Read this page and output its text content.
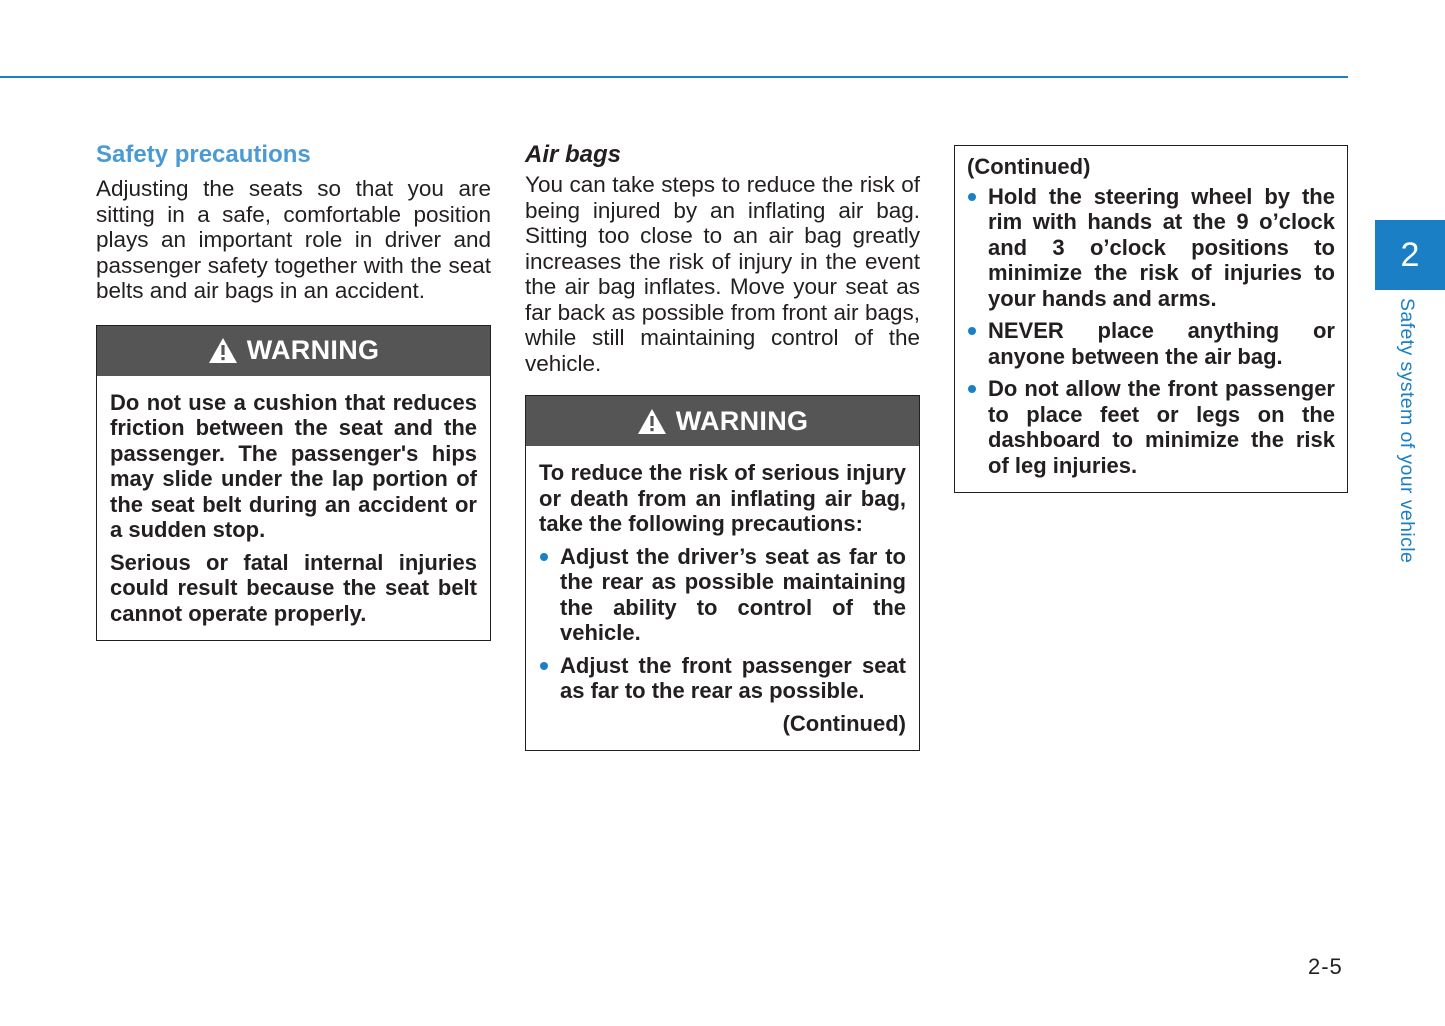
Safety precautions

Adjusting the seats so that you are sitting in a safe, comfortable position plays an important role in driver and passenger safety together with the seat belts and air bags in an accident.

WARNING

Do not use a cushion that reduces friction between the seat and the passenger. The passenger's hips may slide under the lap portion of the seat belt during an accident or a sudden stop.

Serious or fatal internal injuries could result because the seat belt cannot operate properly.

Air bags

You can take steps to reduce the risk of being injured by an inflating air bag. Sitting too close to an air bag greatly increases the risk of injury in the event the air bag inflates. Move your seat as far back as possible from front air bags, while still maintaining control of the vehicle.

WARNING

To reduce the risk of serious injury or death from an inflating air bag, take the following precautions:

Adjust the driver’s seat as far to the rear as possible maintaining the ability to control of the vehicle.
Adjust the front passenger seat as far to the rear as possible.

(Continued)

(Continued)

Hold the steering wheel by the rim with hands at the 9 o’clock and 3 o’clock positions to minimize the risk of injuries to your hands and arms.
NEVER place anything or anyone between the air bag.
Do not allow the front passenger to place feet or legs on the dashboard to minimize the risk of leg injuries.
2
Safety system of your vehicle
2-5
